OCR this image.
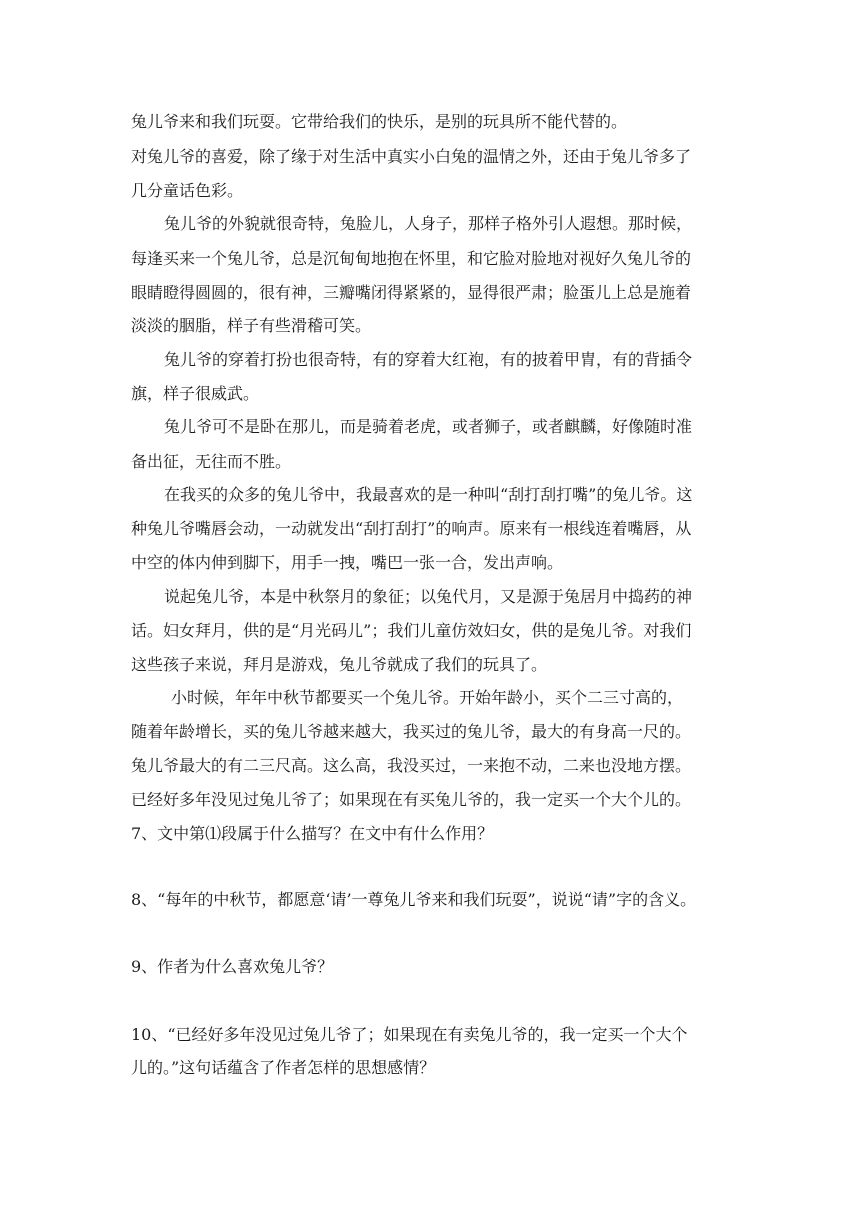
兔儿爷来和我们玩耍。它带给我们的快乐，是别的玩具所不能代替的。
对兔儿爷的喜爱，除了缘于对生活中真实小白兔的温情之外，还由于兔儿爷多了
几分童话色彩。
兔儿爷的外貌就很奇特，兔脸儿，人身子，那样子格外引人遐想。那时候，
每逢买来一个兔儿爷，总是沉甸甸地抱在怀里，和它脸对脸地对视好久兔儿爷的
眼睛瞪得圆圆的，很有神，三瓣嘴闭得紧紧的，显得很严肃；脸蛋儿上总是施着
淡淡的胭脂，样子有些滑稽可笑。
兔儿爷的穿着打扮也很奇特，有的穿着大红袍，有的披着甲胄，有的背插令
旗，样子很威武。
兔儿爷可不是卧在那儿，而是骑着老虎，或者狮子，或者麒麟，好像随时准
备出征，无往而不胜。
在我买的众多的兔儿爷中，我最喜欢的是一种叫“刮打刮打嘴”的兔儿爷。这
种兔儿爷嘴唇会动，一动就发出“刮打刮打”的响声。原来有一根线连着嘴唇，从
中空的体内伸到脚下，用手一拽，嘴巴一张一合，发出声响。
说起兔儿爷，本是中秋祭月的象征；以兔代月，又是源于兔居月中捣药的神
话。妇女拜月，供的是“月光码儿”；我们儿童仿效妇女，供的是兔儿爷。对我们
这些孩子来说，拜月是游戏，兔儿爷就成了我们的玩具了。
小时候，年年中秋节都要买一个兔儿爷。开始年龄小，买个二三寸高的，
随着年龄增长，买的兔儿爷越来越大，我买过的兔儿爷，最大的有身高一尺的。
兔儿爷最大的有二三尺高。这么高，我没买过，一来抱不动，二来也没地方摆。
已经好多年没见过兔儿爷了；如果现在有买兔儿爷的，我一定买一个大个儿的。
7、文中第⑴段属于什么描写？在文中有什么作用？
8、“每年的中秋节，都愿意‘请’一尊兔儿爷来和我们玩耍”，说说“请”字的含义。
9、作者为什么喜欢兔儿爷？
10、“已经好多年没见过兔儿爷了；如果现在有卖兔儿爷的，我一定买一个大个
儿的。”这句话蕴含了作者怎样的思想感情？
